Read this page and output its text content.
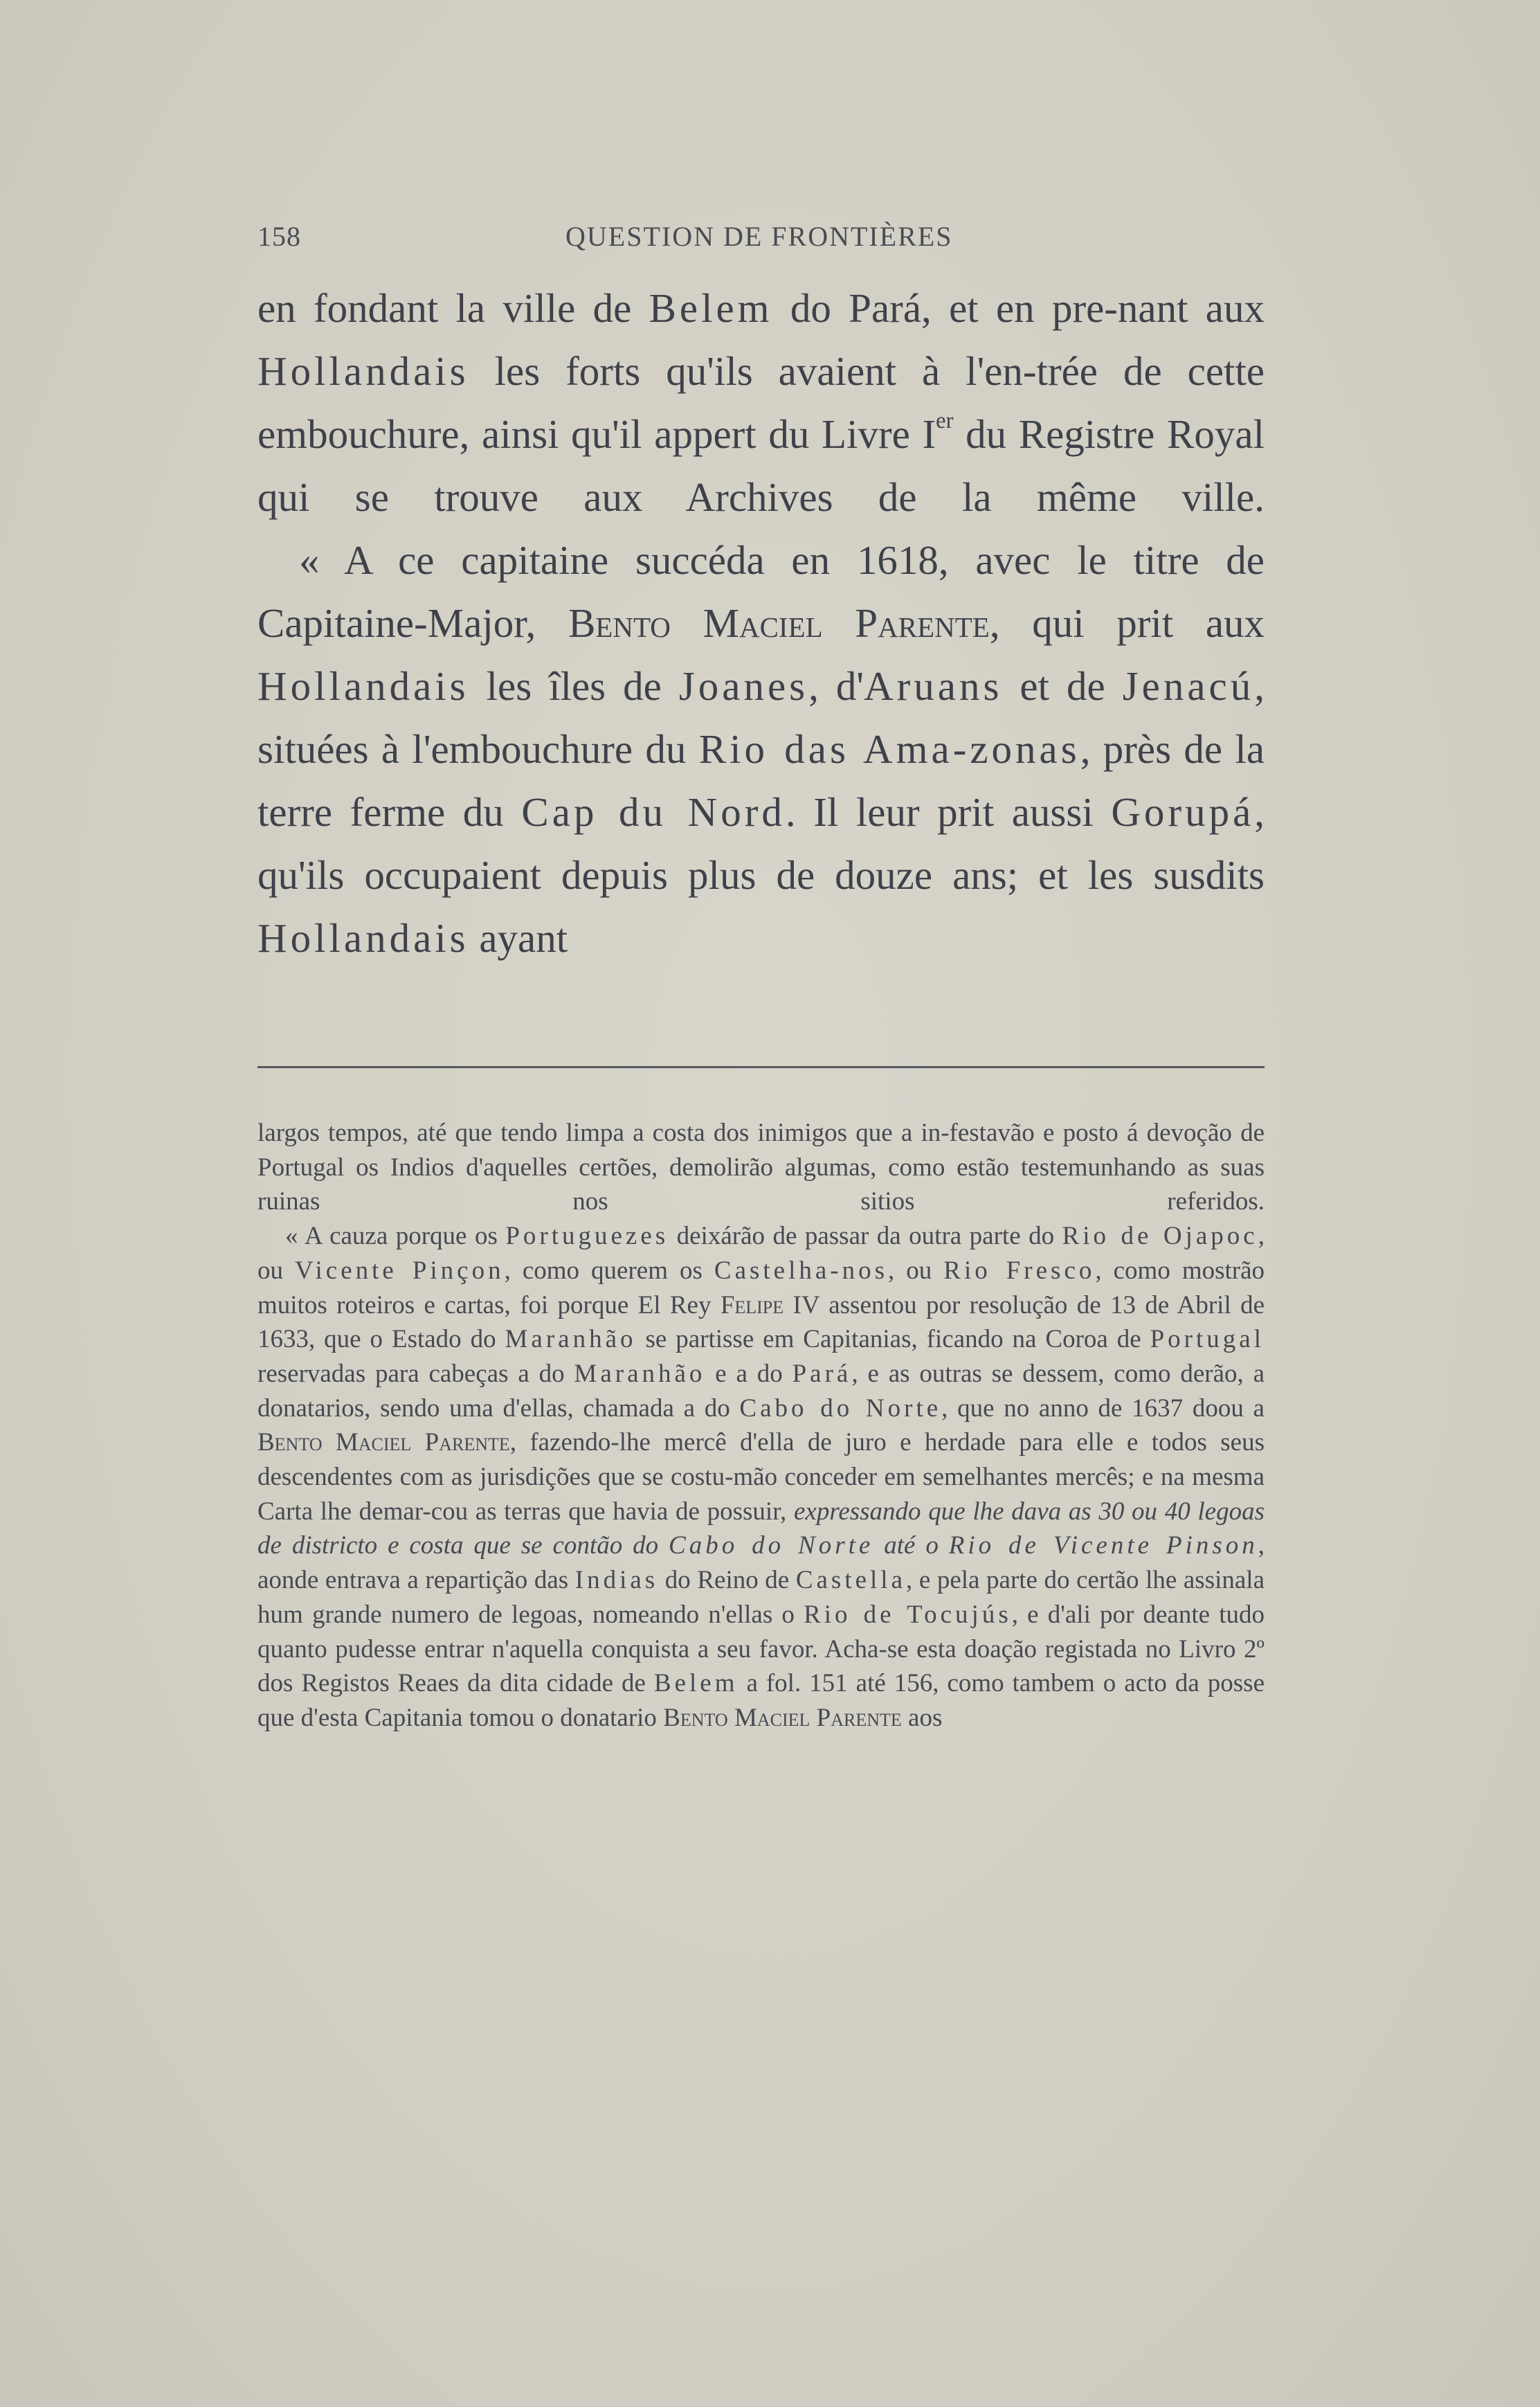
158	QUESTION DE FRONTIÈRES

en fondant la ville de Belem do Pará, et en pre-nant aux Hollandais les forts qu'ils avaient à l'en-trée de cette embouchure, ainsi qu'il appert du Livre Ier du Registre Royal qui se trouve aux Archives de la même ville.

« A ce capitaine succéda en 1618, avec le titre de Capitaine-Major, Bento Maciel Parente, qui prit aux Hollandais les îles de Joanes, d'Aruans et de Jenacú, situées à l'embouchure du Rio das Ama-zonas, près de la terre ferme du Cap du Nord. Il leur prit aussi Gorupá, qu'ils occupaient depuis plus de douze ans; et les susdits Hollandais ayant

largos tempos, até que tendo limpa a costa dos inimigos que a in-festavão e posto á devoção de Portugal os Indios d'aquelles certões, demolirão algumas, como estão testemunhando as suas ruinas nos sitios referidos.

« A cauza porque os Portuguezes deixárão de passar da outra parte do Rio de Ojapoc, ou Vicente Pinçon, como querem os Castelha-nos, ou Rio Fresco, como mostrão muitos roteiros e cartas, foi porque El Rey Felipe IV assentou por resolução de 13 de Abril de 1633, que o Estado do Maranhão se partisse em Capitanias, ficando na Coroa de Portugal reservadas para cabeças a do Maranhão e a do Pará, e as outras se dessem, como derão, a donatarios, sendo uma d'ellas, chamada a do Cabo do Norte, que no anno de 1637 doou a Bento Maciel Parente, fazendo-lhe mercê d'ella de juro e herdade para elle e todos seus descendentes com as jurisdições que se costu-mão conceder em semelhantes mercês; e na mesma Carta lhe demar-cou as terras que havia de possuir, expressando que lhe dava as 30 ou 40 legoas de districto e costa que se contão do Cabo do Norte até o Rio de Vicente Pinson, aonde entrava a repartição das Indias do Reino de Castella, e pela parte do certão lhe assinala hum grande numero de legoas, nomeando n'ellas o Rio de Tocujús, e d'ali por deante tudo quanto pudesse entrar n'aquella conquista a seu favor. Acha-se esta doação registada no Livro 2º dos Registos Reaes da dita cidade de Belem a fol. 151 até 156, como tambem o acto da posse que d'esta Capitania tomou o donatario Bento Maciel Parente aos
